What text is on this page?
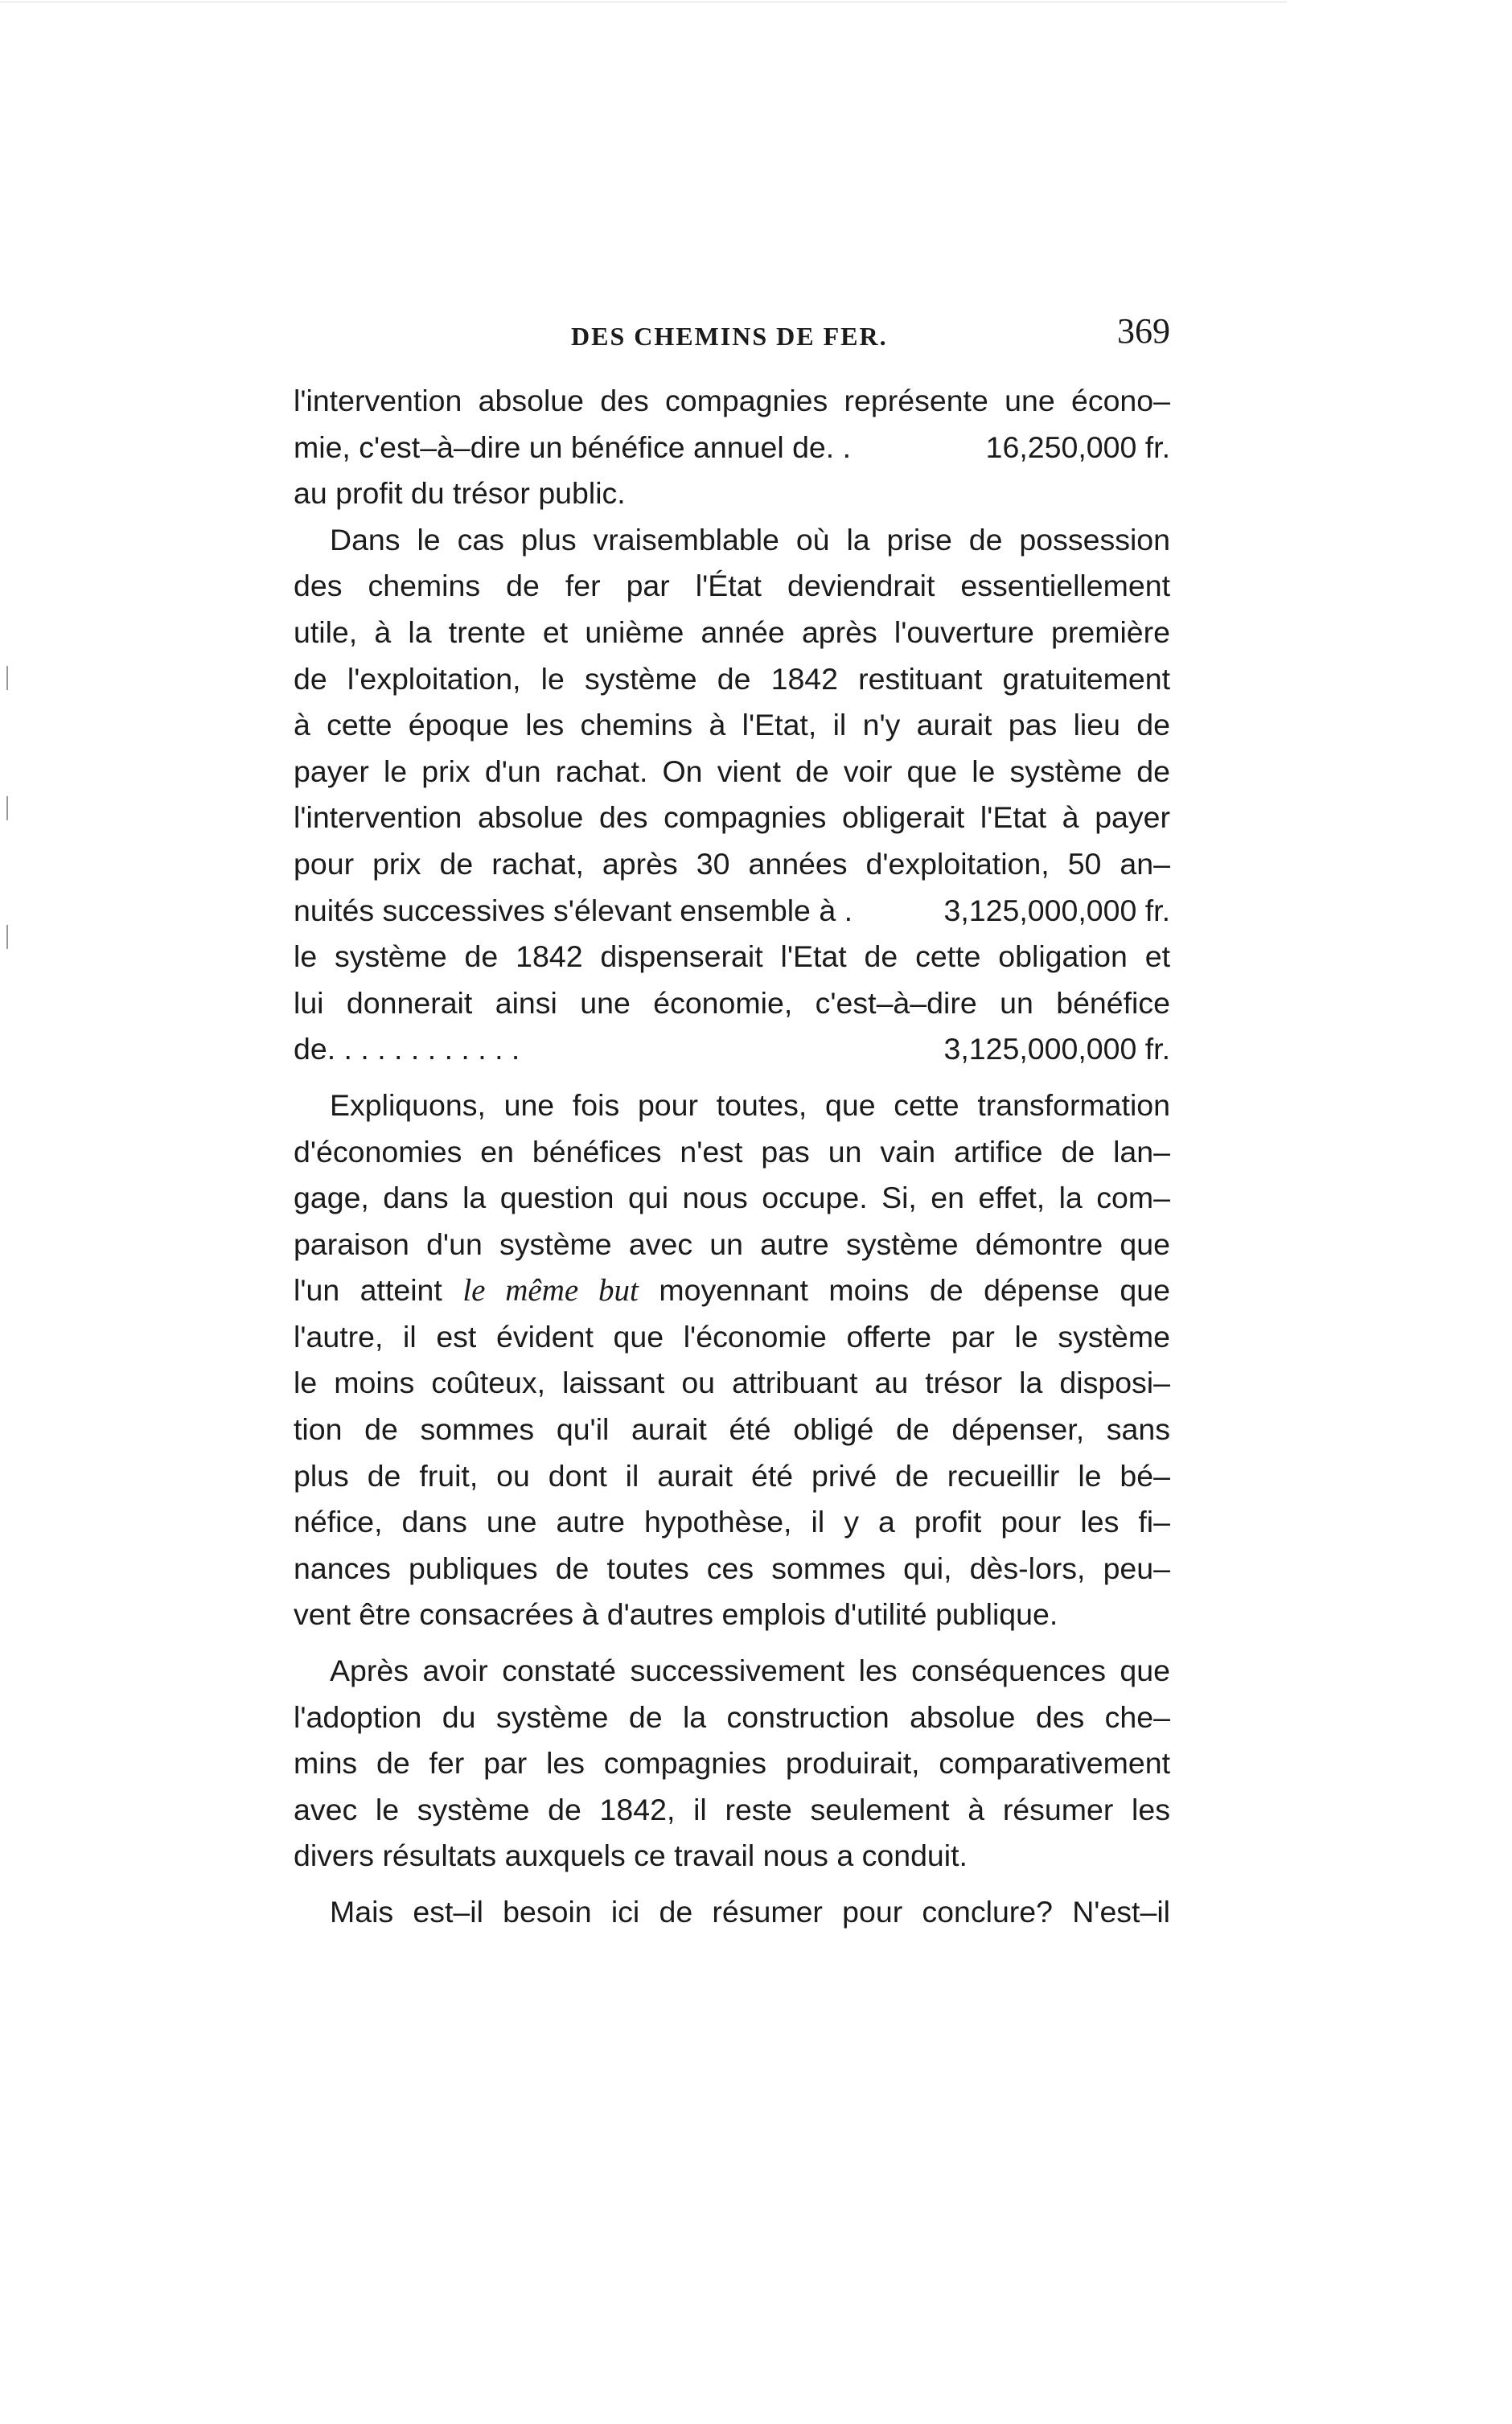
DES CHEMINS DE FER.	369
l'intervention absolue des compagnies représente une écono–
mie, c'est–à–dire un bénéfice annuel de. .	16,250,000 fr.
au profit du trésor public.
Dans le cas plus vraisemblable où la prise de possession
des chemins de fer par l'État deviendrait essentiellement
utile, à la trente et unième année après l'ouverture première
de l'exploitation, le système de 1842 restituant gratuitement
à cette époque les chemins à l'Etat, il n'y aurait pas lieu de
payer le prix d'un rachat. On vient de voir que le système de
l'intervention absolue des compagnies obligerait l'Etat à payer
pour prix de rachat, après 30 années d'exploitation, 50 an–
nuités successives s'élevant ensemble à .	3,125,000,000 fr.
le système de 1842 dispenserait l'Etat de cette obligation et
lui donnerait ainsi une économie, c'est–à–dire un bénéfice
de. . . . . . . . . . . .	3,125,000,000 fr.
Expliquons, une fois pour toutes, que cette transformation
d'économies en bénéfices n'est pas un vain artifice de lan–
gage, dans la question qui nous occupe. Si, en effet, la com–
paraison d'un système avec un autre système démontre que
l'un atteint le même but moyennant moins de dépense que
l'autre, il est évident que l'économie offerte par le système
le moins coûteux, laissant ou attribuant au trésor la disposi–
tion de sommes qu'il aurait été obligé de dépenser, sans
plus de fruit, ou dont il aurait été privé de recueillir le bé–
néfice, dans une autre hypothèse, il y a profit pour les fi–
nances publiques de toutes ces sommes qui, dès-lors, peu–
vent être consacrées à d'autres emplois d'utilité publique.
Après avoir constaté successivement les conséquences que
l'adoption du système de la construction absolue des che–
mins de fer par les compagnies produirait, comparativement
avec le système de 1842, il reste seulement à résumer les
divers résultats auxquels ce travail nous a conduit.
Mais est–il besoin ici de résumer pour conclure? N'est–il
